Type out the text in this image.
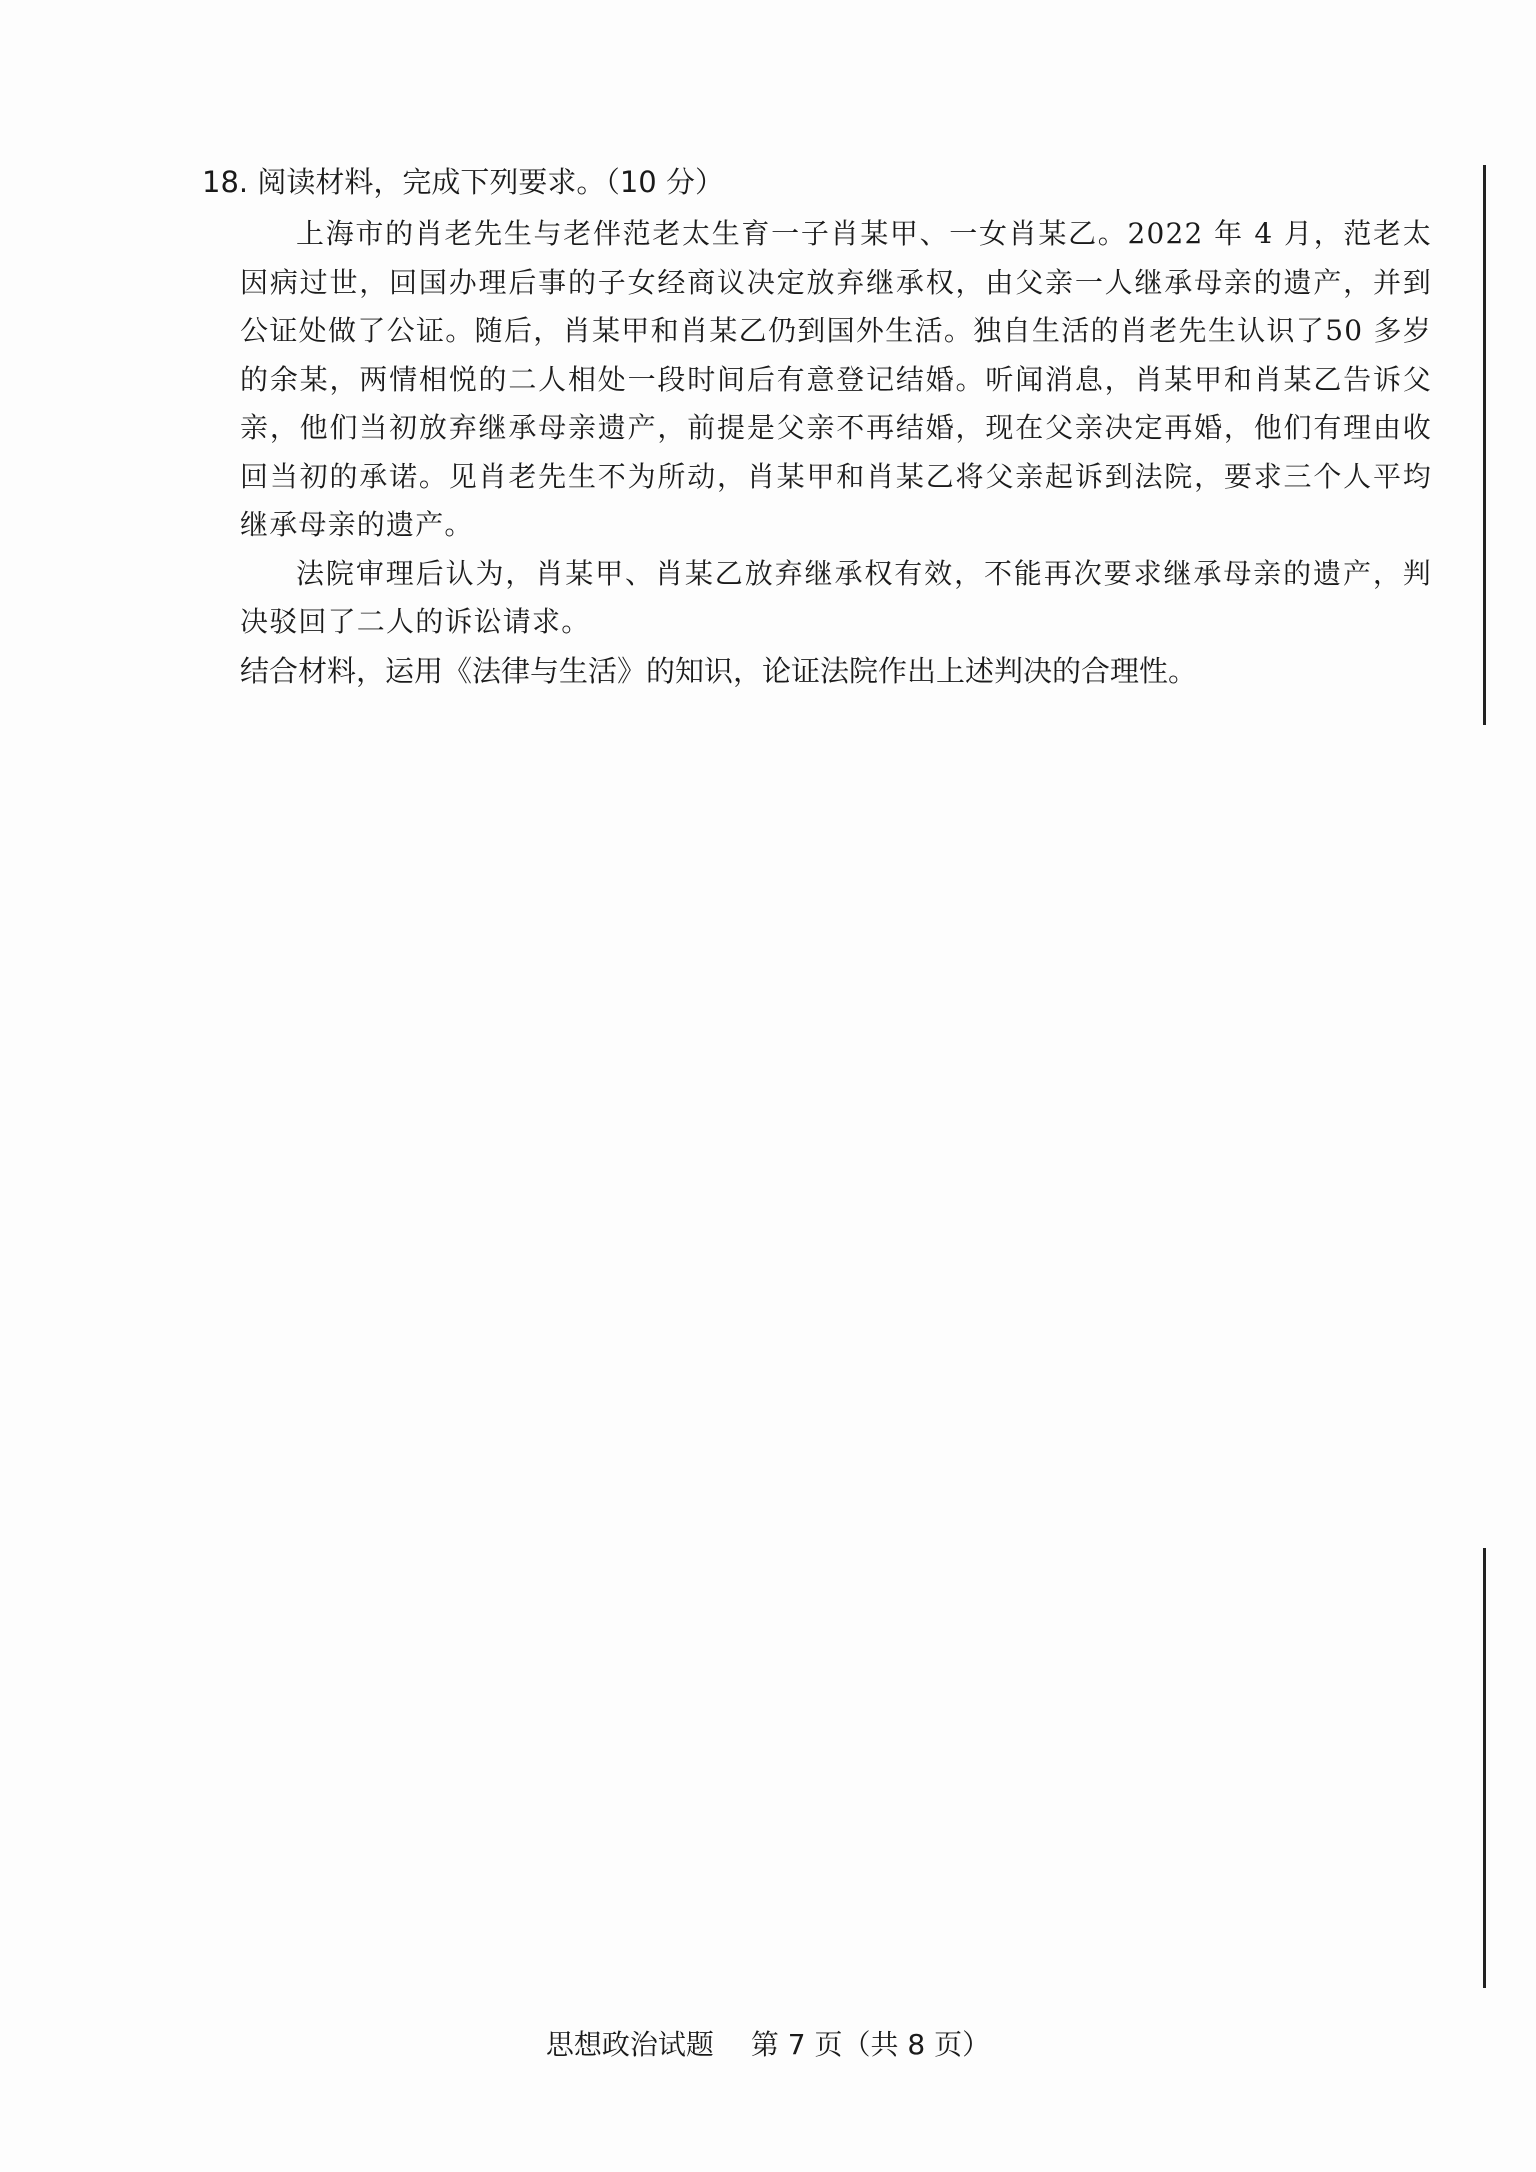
18. 阅读材料，完成下列要求。（10 分）

上海市的肖老先生与老伴范老太生育一子肖某甲、一女肖某乙。2022 年 4 月，范老太因病过世，回国办理后事的子女经商议决定放弃继承权，由父亲一人继承母亲的遗产，并到公证处做了公证。随后，肖某甲和肖某乙仍到国外生活。独自生活的肖老先生认识了50 多岁的余某，两情相悦的二人相处一段时间后有意登记结婚。听闻消息，肖某甲和肖某乙告诉父亲，他们当初放弃继承母亲遗产，前提是父亲不再结婚，现在父亲决定再婚，他们有理由收回当初的承诺。见肖老先生不为所动，肖某甲和肖某乙将父亲起诉到法院，要求三个人平均继承母亲的遗产。

法院审理后认为，肖某甲、肖某乙放弃继承权有效，不能再次要求继承母亲的遗产，判决驳回了二人的诉讼请求。

结合材料，运用《法律与生活》的知识，论证法院作出上述判决的合理性。

思想政治试题 第 7 页（共 8 页）
